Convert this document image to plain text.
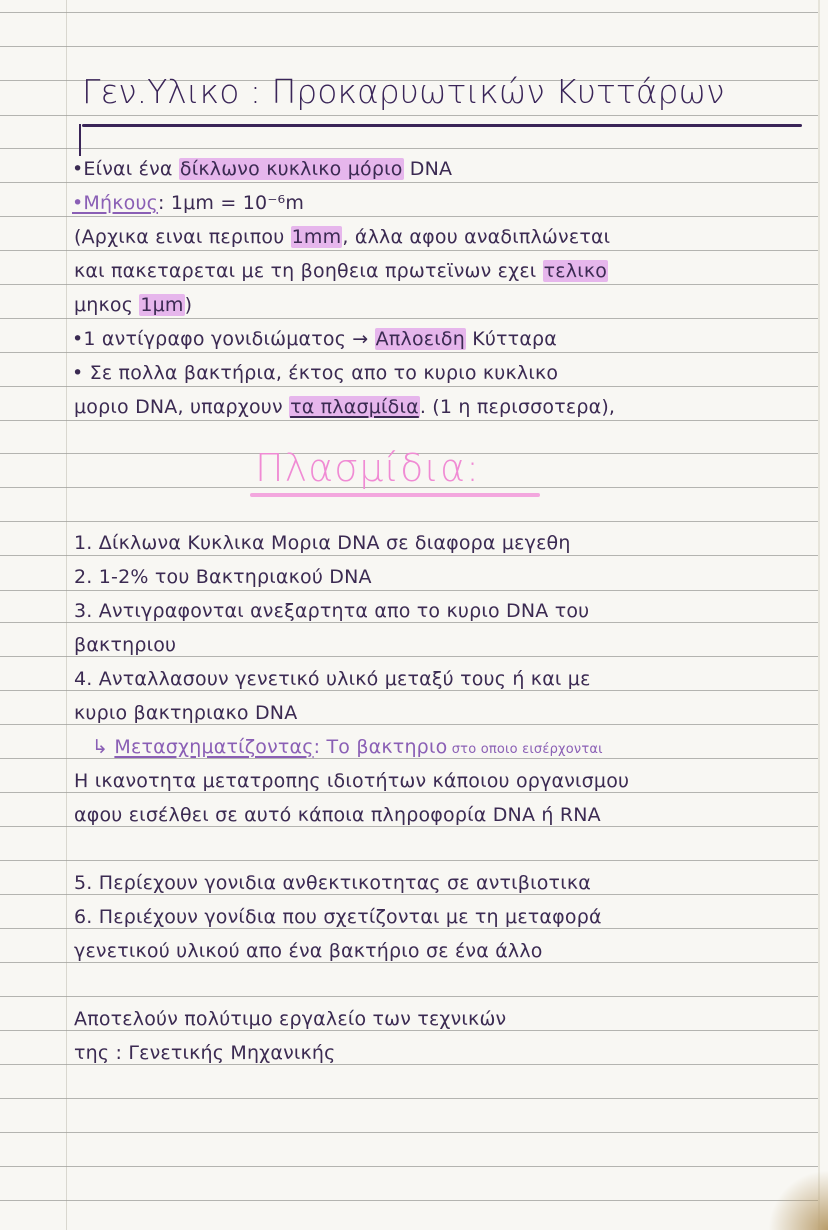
Γεν.Υλικο : Προκαρυωτικών Κυττάρων
•Είναι ένα δίκλωνο κυκλικο μόριο DNA
•Μήκους: 1μm = 10⁻⁶m
(Αρχικα ειναι περιπου 1mm, άλλα αφου αναδιπλώνεται
και πακεταρεται με τη βοηθεια πρωτεϊνων εχει τελικο
μηκος 1μm)
•1 αντίγραφο γονιδιώματος → Απλοειδη Κύτταρα
• Σε πολλα βακτήρια, έκτος απο το κυριο κυκλικο
μοριο DNA, υπαρχουν τα πλασμίδια. (1 η περισσοτερα),
Πλασμίδια:
1. Δίκλωνα Κυκλικα Μορια DNA σε διαφορα μεγεθη
2. 1-2% του Βακτηριακού DNA
3. Αντιγραφονται ανεξαρτητα απο το κυριο DNA του
βακτηριου
4. Ανταλλασουν γενετικό υλικό μεταξύ τους ή και με
κυριο βακτηριακο DNA
↳ Μετασχηματίζοντας: Το βακτηριο στο οποιο εισέρχονται
Η ικανοτητα μετατροπης ιδιοτήτων κάποιου οργανισμου
αφου εισέλθει σε αυτό κάποια πληροφορία DNA ή RNA
5. Περίεχουν γονιδια ανθεκτικοτητας σε αντιβιοτικα
6. Περιέχουν γονίδια που σχετίζονται με τη μεταφορά
γενετικού υλικού απο ένα βακτήριο σε ένα άλλο
Αποτελούν πολύτιμο εργαλείο των τεχνικών
της : Γενετικής Μηχανικής
